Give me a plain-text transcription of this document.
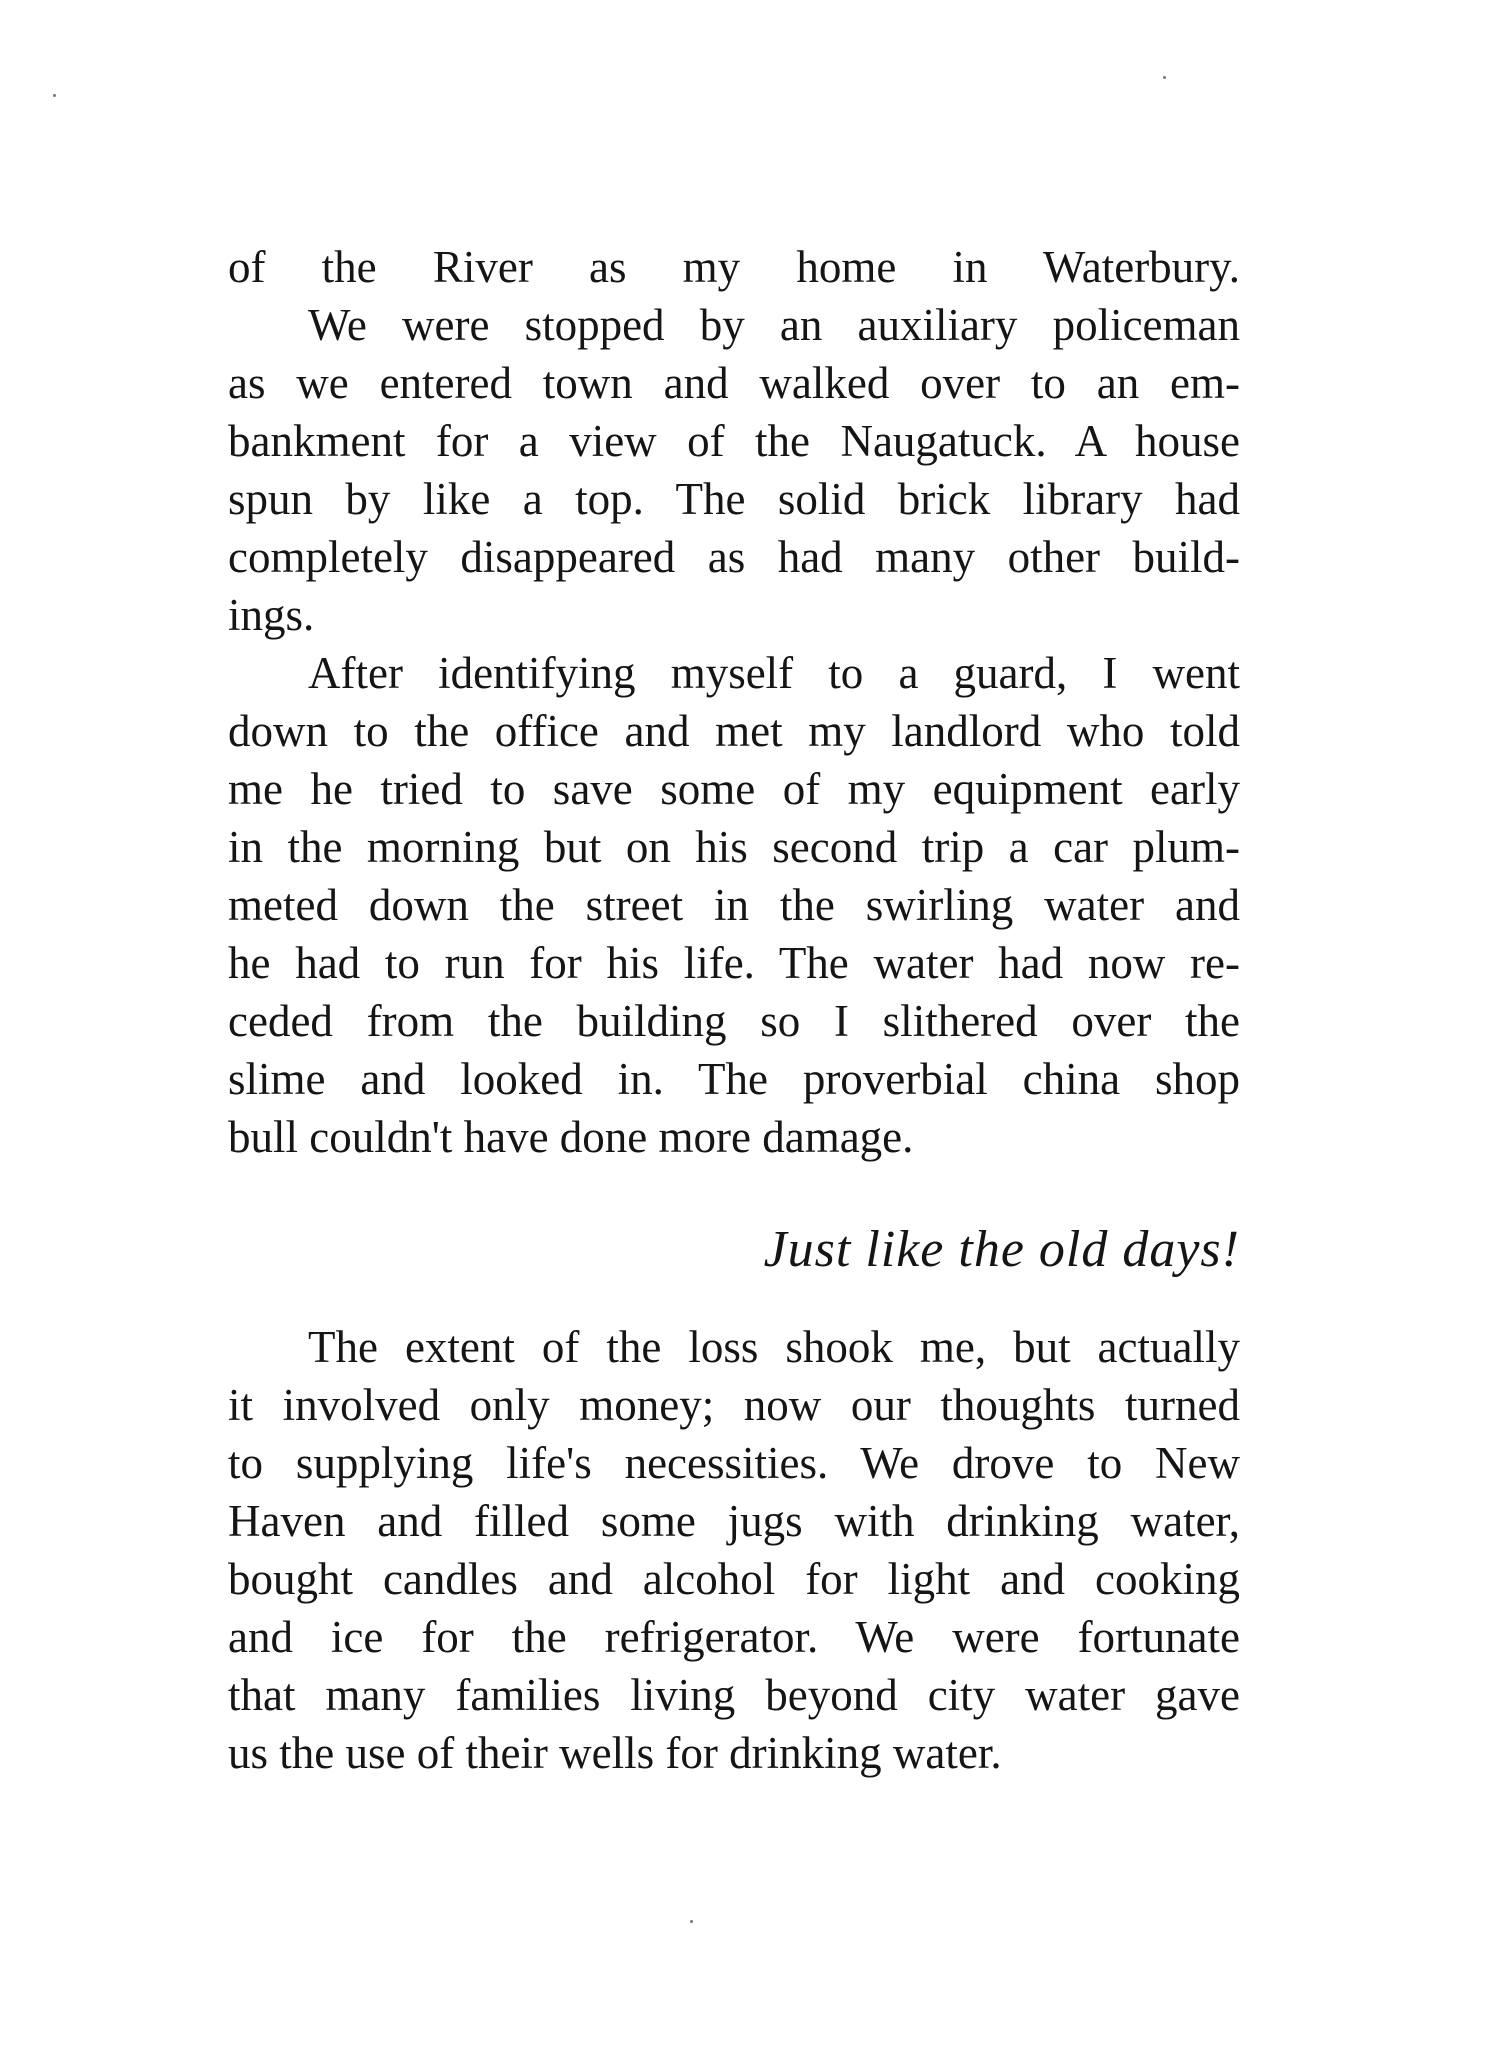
of the River as my home in Waterbury.
We were stopped by an auxiliary policeman
as we entered town and walked over to an em-
bankment for a view of the Naugatuck. A house
spun by like a top. The solid brick library had
completely disappeared as had many other build-
ings.
After identifying myself to a guard, I went
down to the office and met my landlord who told
me he tried to save some of my equipment early
in the morning but on his second trip a car plum-
meted down the street in the swirling water and
he had to run for his life. The water had now re-
ceded from the building so I slithered over the
slime and looked in. The proverbial china shop
bull couldn't have done more damage.
Just like the old days!
The extent of the loss shook me, but actually
it involved only money; now our thoughts turned
to supplying life's necessities. We drove to New
Haven and filled some jugs with drinking water,
bought candles and alcohol for light and cooking
and ice for the refrigerator. We were fortunate
that many families living beyond city water gave
us the use of their wells for drinking water.
